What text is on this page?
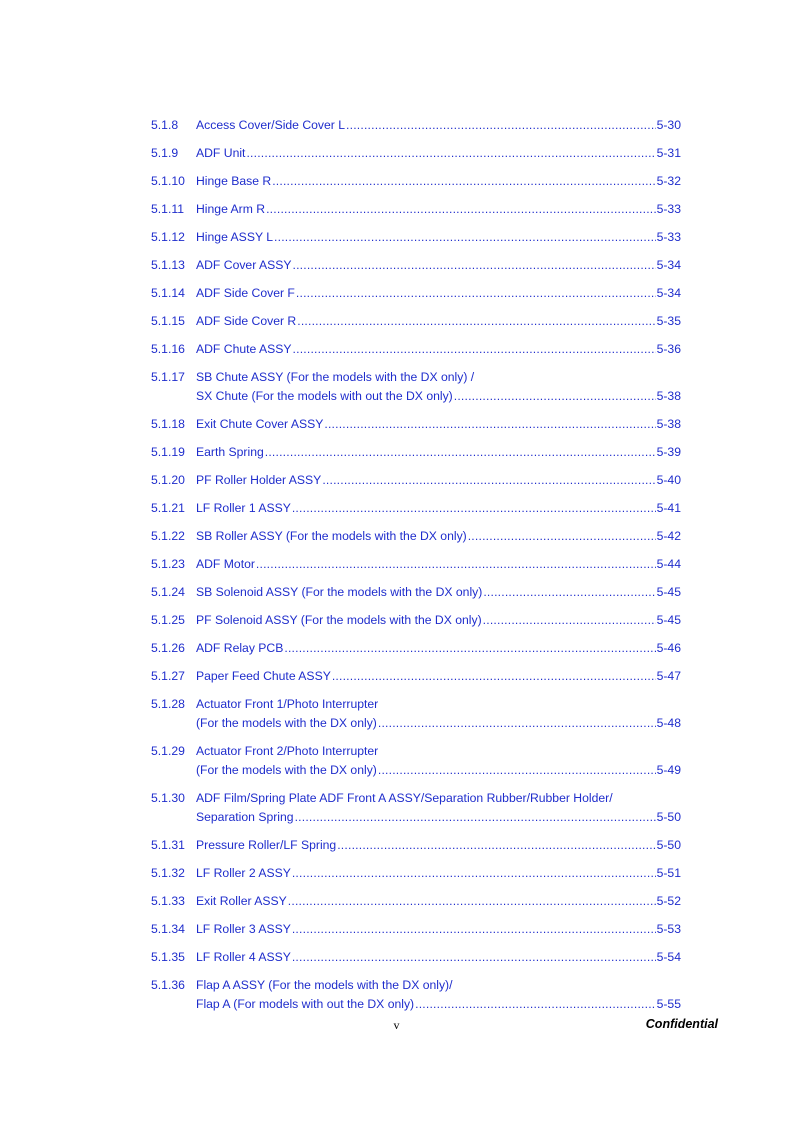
5.1.8	Access Cover/Side Cover L .....	5-30
5.1.9	ADF Unit .....	5-31
5.1.10 Hinge Base R .....	5-32
5.1.11 Hinge Arm R .....	5-33
5.1.12 Hinge ASSY L .....	5-33
5.1.13 ADF Cover ASSY .....	5-34
5.1.14 ADF Side Cover F .....	5-34
5.1.15 ADF Side Cover R .....	5-35
5.1.16 ADF Chute ASSY .....	5-36
5.1.17 SB Chute ASSY (For the models with the DX only) /
SX Chute (For the models with out the DX only) .....	5-38
5.1.18 Exit Chute Cover ASSY .....	5-38
5.1.19 Earth Spring .....	5-39
5.1.20 PF Roller Holder ASSY .....	5-40
5.1.21 LF Roller 1 ASSY .....	5-41
5.1.22 SB Roller ASSY (For the models with the DX only) .....	5-42
5.1.23 ADF Motor .....	5-44
5.1.24 SB Solenoid ASSY (For the models with the DX only) .....	5-45
5.1.25 PF Solenoid ASSY (For the models with the DX only) .....	5-45
5.1.26 ADF Relay PCB .....	5-46
5.1.27 Paper Feed Chute ASSY .....	5-47
5.1.28 Actuator Front 1/Photo Interrupter
(For the models with the DX only) .....	5-48
5.1.29 Actuator Front 2/Photo Interrupter
(For the models with the DX only) .....	5-49
5.1.30 ADF Film/Spring Plate ADF Front A ASSY/Separation Rubber/Rubber Holder/
Separation Spring .....	5-50
5.1.31 Pressure Roller/LF Spring .....	5-50
5.1.32 LF Roller 2 ASSY .....	5-51
5.1.33 Exit Roller ASSY .....	5-52
5.1.34 LF Roller 3 ASSY .....	5-53
5.1.35 LF Roller 4 ASSY .....	5-54
5.1.36 Flap A ASSY (For the models with the DX only)/
Flap A (For models with out the DX only) .....	5-55
v	Confidential
